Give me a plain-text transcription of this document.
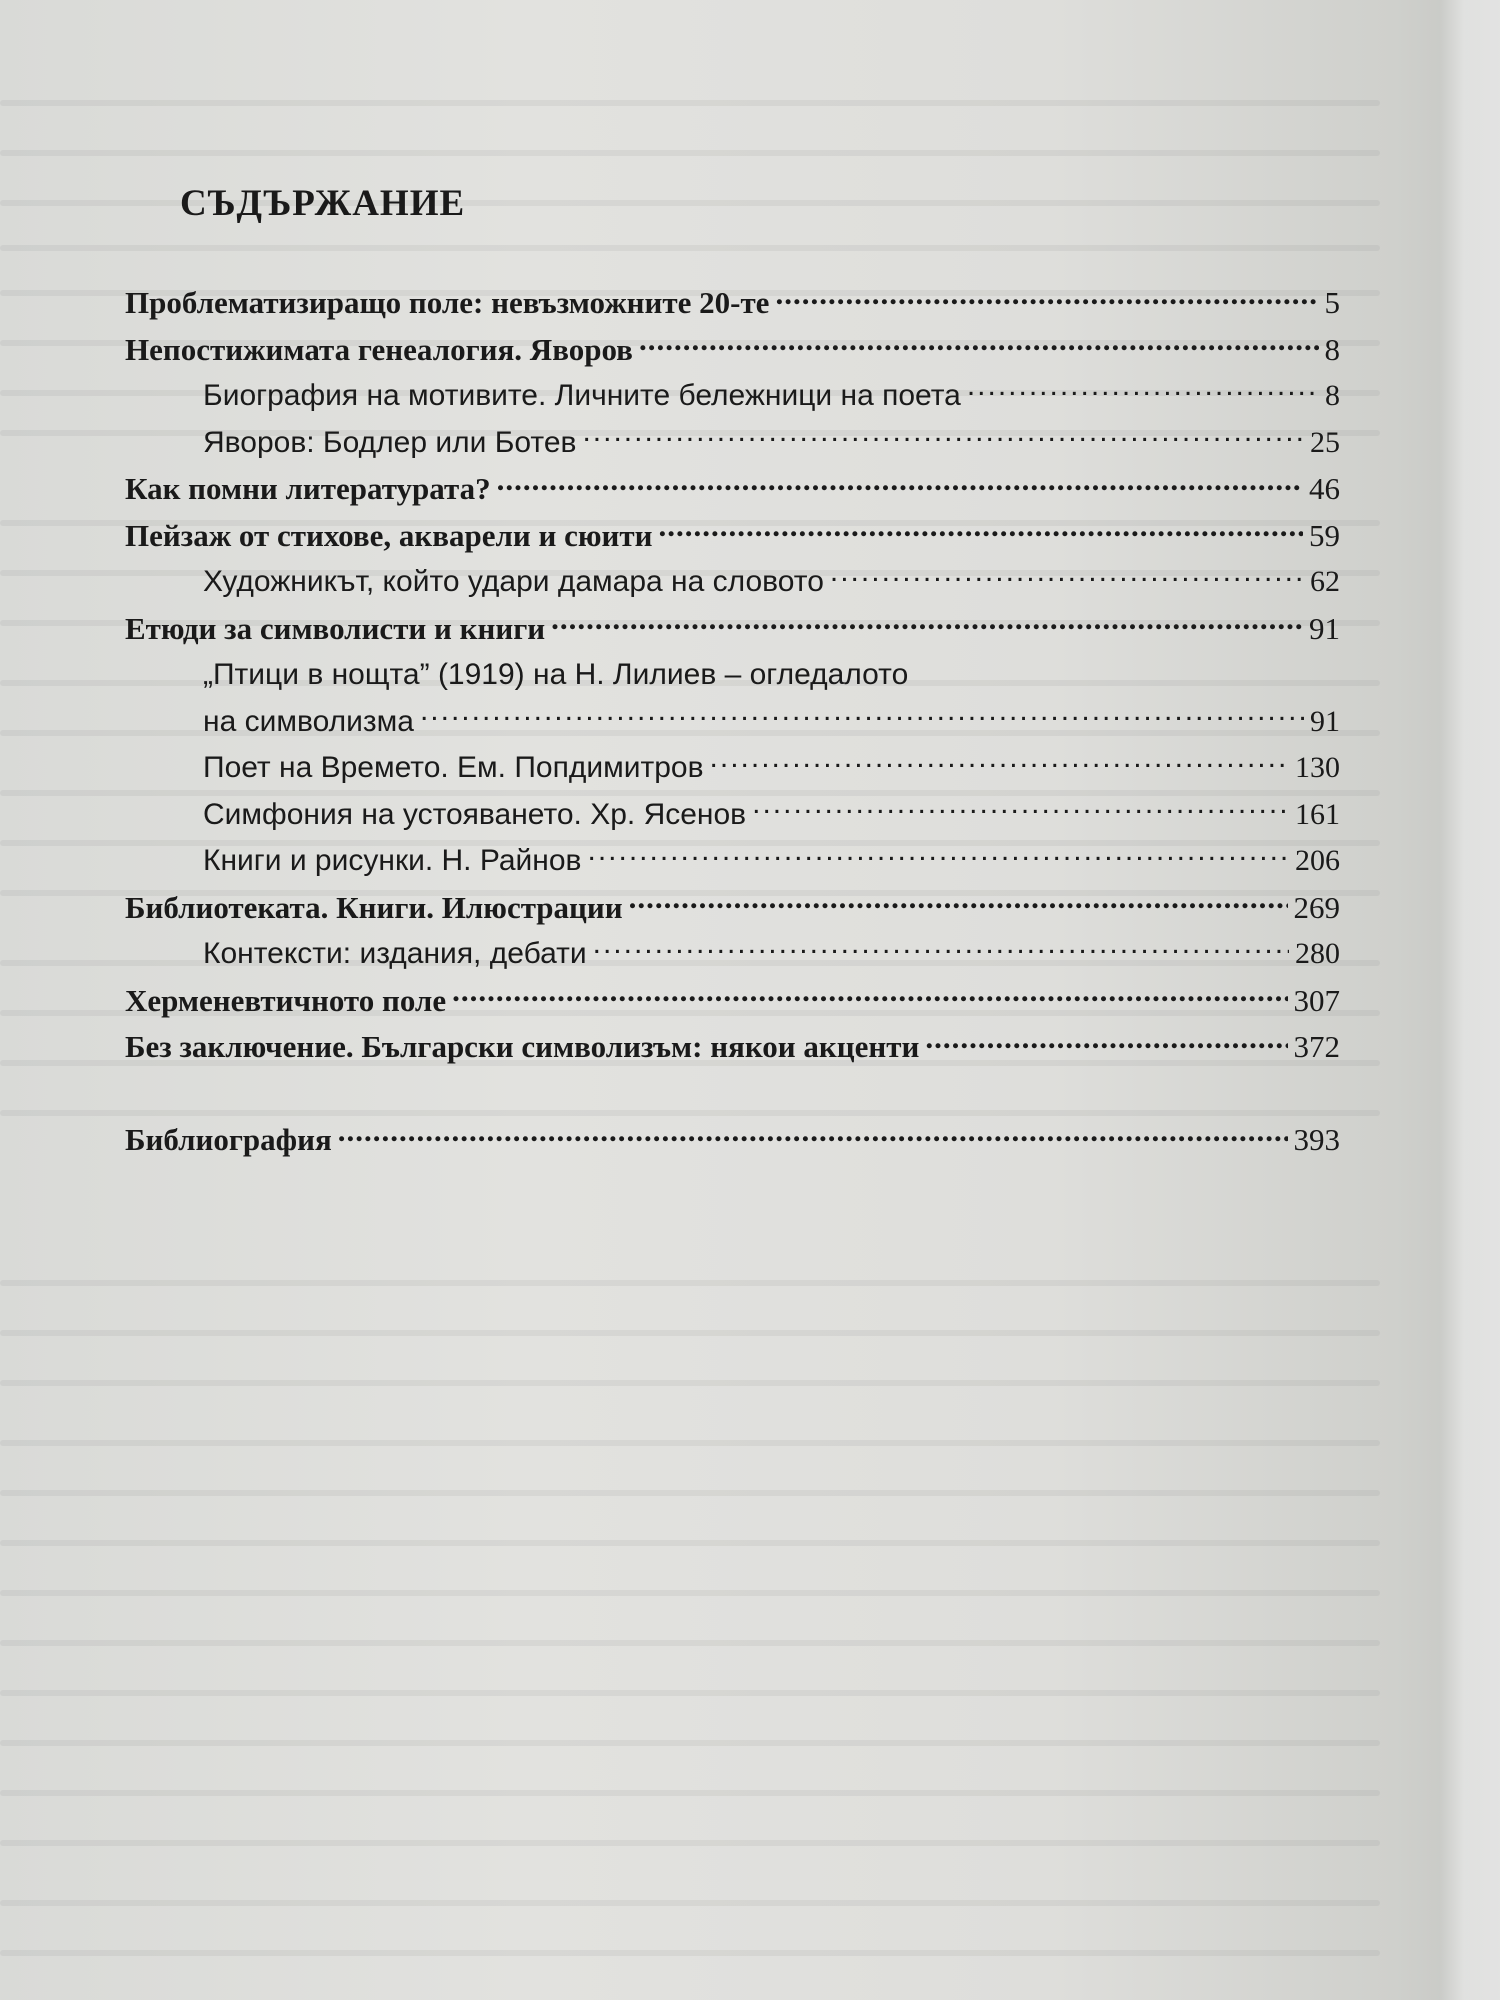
СЪДЪРЖАНИЕ
Проблематизиращо поле: невъзможните 20-те .....	5
Непостижимата генеалогия. Яворов .....	8
Биография на мотивите. Личните бележници на поета .....	8
Яворов: Бодлер или Ботев .....	25
Как помни литературата? .....	46
Пейзаж от стихове, акварели и сюити .....	59
Художникът, който удари дамара на словото .....	62
Етюди за символисти и книги .....	91
„Птици в нощта” (1919) на Н. Лилиев – огледалото
на символизма .....	91
Поет на Времето. Ем. Попдимитров .....	130
Симфония на устояването. Хр. Ясенов .....	161
Книги и рисунки. Н. Райнов .....	206
Библиотеката. Книги. Илюстрации .....	269
Контексти: издания, дебати .....	280
Херменевтичното поле .....	307
Без заключение. Български символизъм: някои акценти .....	372
Библиография .....	393
